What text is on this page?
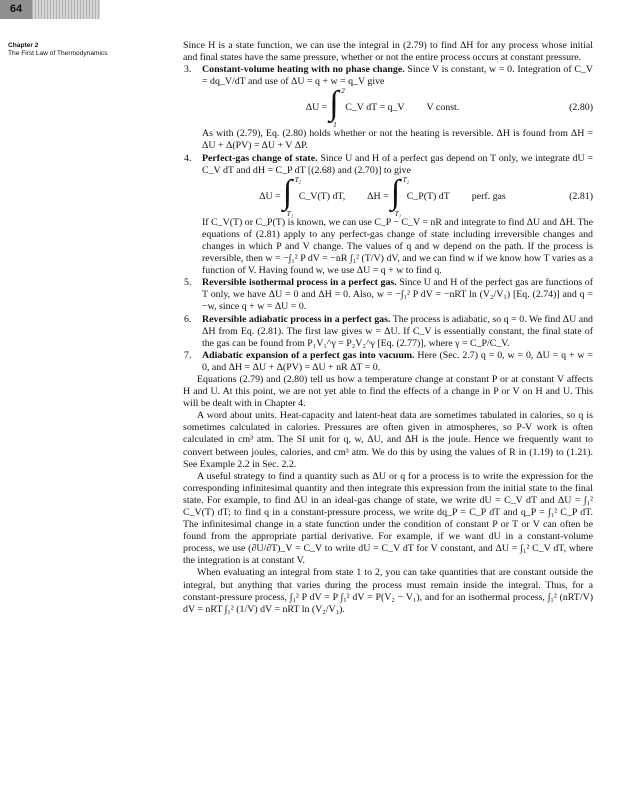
64
Chapter 2
The First Law of Thermodynamics

Since H is a state function, we can use the integral in (2.79) to find ΔH for any process whose initial and final states have the same pressure, whether or not the entire process occurs at constant pressure.

3. Constant-volume heating with no phase change. Since V is constant, w = 0. Integration of C_V = dq_V/dT and use of ΔU = q + w = q_V give
ΔU = ∫ 2
1
C_V dT = q_V V const.	(2.80)

As with (2.79), Eq. (2.80) holds whether or not the heating is reversible. ΔH is found from ΔH = ΔU + Δ(PV) = ΔU + V ΔP.

4. Perfect-gas change of state. Since U and H of a perfect gas depend on T only, we integrate dU = C_V dT and dH = C_P dT [(2.68) and (2.70)] to give
ΔU = ∫ T₂
T₁
C_V(T) dT, ΔH = ∫ T₂
T₁
C_P(T) dT perf. gas	(2.81)

If C_V(T) or C_P(T) is known, we can use C_P − C_V = nR and integrate to find ΔU and ΔH. The equations of (2.81) apply to any perfect-gas change of state including irreversible changes and changes in which P and V change. The values of q and w depend on the path. If the process is reversible, then w = −∫₁² P dV = −nR ∫₁² (T/V) dV, and we can find w if we know how T varies as a function of V. Having found w, we use ΔU = q + w to find q.

5. Reversible isothermal process in a perfect gas. Since U and H of the perfect gas are functions of T only, we have ΔU = 0 and ΔH = 0. Also, w = −∫₁² P dV = −nRT ln (V₂/V₁) [Eq. (2.74)] and q = −w, since q + w = ΔU = 0.
6. Reversible adiabatic process in a perfect gas. The process is adiabatic, so q = 0. We find ΔU and ΔH from Eq. (2.81). The first law gives w = ΔU. If C_V is essentially constant, the final state of the gas can be found from P₁V₁^γ = P₂V₂^γ [Eq. (2.77)], where γ = C_P/C_V.
7. Adiabatic expansion of a perfect gas into vacuum. Here (Sec. 2.7) q = 0, w = 0, ΔU = q + w = 0, and ΔH = ΔU + Δ(PV) = ΔU + nR ΔT = 0.

Equations (2.79) and (2.80) tell us how a temperature change at constant P or at constant V affects H and U. At this point, we are not yet able to find the effects of a change in P or V on H and U. This will be dealt with in Chapter 4.

A word about units. Heat-capacity and latent-heat data are sometimes tabulated in calories, so q is sometimes calculated in calories. Pressures are often given in atmospheres, so P-V work is often calculated in cm³ atm. The SI unit for q, w, ΔU, and ΔH is the joule. Hence we frequently want to convert between joules, calories, and cm³ atm. We do this by using the values of R in (1.19) to (1.21). See Example 2.2 in Sec. 2.2.

A useful strategy to find a quantity such as ΔU or q for a process is to write the expression for the corresponding infinitesimal quantity and then integrate this expression from the initial state to the final state. For example, to find ΔU in an ideal-gas change of state, we write dU = C_V dT and ΔU = ∫₁² C_V(T) dT; to find q in a constant-pressure process, we write dq_P = C_P dT and q_P = ∫₁² C_P dT. The infinitesimal change in a state function under the condition of constant P or T or V can often be found from the appropriate partial derivative. For example, if we want dU in a constant-volume process, we use (∂U/∂T)_V = C_V to write dU = C_V dT for V constant, and ΔU = ∫₁² C_V dT, where the integration is at constant V.

When evaluating an integral from state 1 to 2, you can take quantities that are constant outside the integral, but anything that varies during the process must remain inside the integral. Thus, for a constant-pressure process, ∫₁² P dV = P ∫₁² dV = P(V₂ − V₁), and for an isothermal process, ∫₁² (nRT/V) dV = nRT ∫₁² (1/V) dV = nRT ln (V₂/V₁).
